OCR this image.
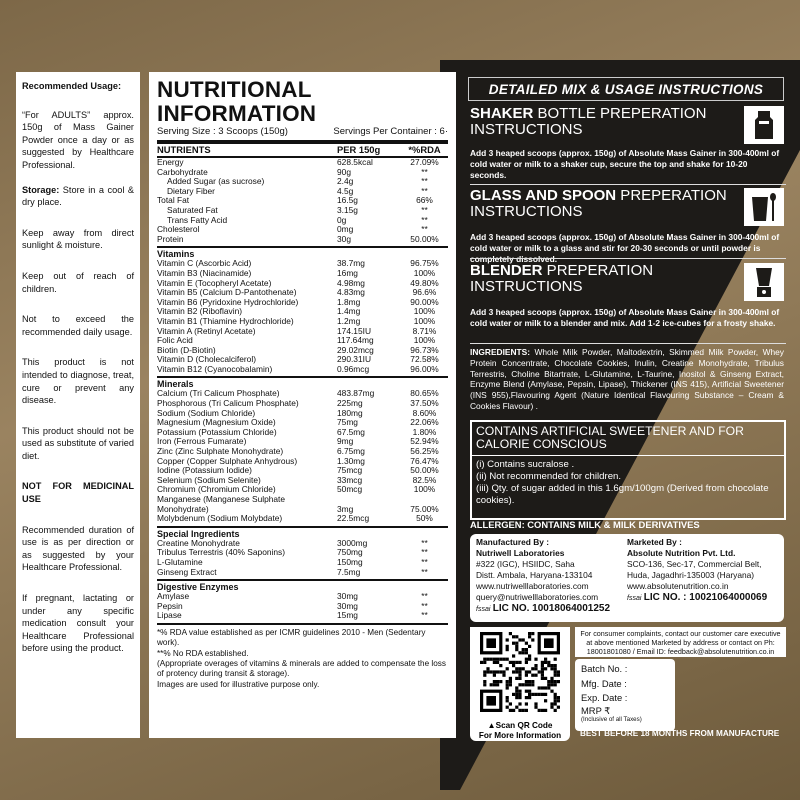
Recommended Usage:

“For ADULTS” approx. 150g of Mass Gainer Powder once a day or as suggested by Healthcare Professional.

Storage: Store in a cool & dry place.

Keep away from direct sunlight & moisture.

Keep out of reach of children.

Not to exceed the recommended daily usage.

This product is not intended to diagnose, treat, cure or prevent any disease.

This product should not be used as substitute of varied diet.

NOT FOR MEDICINAL USE

Recommended duration of use is as per direction or as suggested by your Healthcare Professional.

If pregnant, lactating or under any specific medication consult your Healthcare Professional before using the product.

NUTRITIONAL INFORMATION
Serving Size : 3 Scoops (150g)	Servings Per Container : 6·
NUTRIENTS	PER 150g	*%RDA
Energy	628.5kcal	27.09%
Carbohydrate	90g	**
Added Sugar (as sucrose)	2.4g	**
Dietary Fiber	4.5g	**
Total Fat	16.5g	66%
Saturated Fat	3.15g	**
Trans Fatty Acid	0g	**
Cholesterol	0mg	**
Protein	30g	50.00%
Vitamins
Vitamin C (Ascorbic Acid)	38.7mg	96.75%
Vitamin B3 (Niacinamide)	16mg	100%
Vitamin E (Tocopheryl Acetate)	4.98mg	49.80%
Vitamin B5 (Calcium D-Pantothenate)	4.83mg	96.6%
Vitamin B6 (Pyridoxine Hydrochloride)	1.8mg	90.00%
Vitamin B2 (Riboflavin)	1.4mg	100%
Vitamin B1 (Thiamine Hydrochloride)	1.2mg	100%
Vitamin A (Retinyl Acetate)	174.15IU	8.71%
Folic Acid	117.64mg	100%
Biotin (D-Biotin)	29.02mcg	96.73%
Vitamin D (Cholecalciferol)	290.31IU	72.58%
Vitamin B12 (Cyanocobalamin)	0.96mcg	96.00%
Minerals
Calcium (Tri Calicum Phosphate)	483.87mg	80.65%
Phosphorous (Tri Calicum Phosphate)	225mg	37.50%
Sodium (Sodium Chloride)	180mg	8.60%
Magnesium (Magnesium Oxide)	75mg	22.06%
Potassium (Potassium Chloride)	67.5mg	1.80%
Iron (Ferrous Fumarate)	9mg	52.94%
Zinc (Zinc Sulphate Monohydrate)	6.75mg	56.25%
Copper (Copper Sulphate Anhydrous)	1.30mg	76.47%
Iodine (Potassium Iodide)	75mcg	50.00%
Selenium (Sodium Selenite)	33mcg	82.5%
Chromium (Chromium Chloride)	50mcg	100%
Manganese (Manganese Sulphate
Monohydrate)	3mg	75.00%
Molybdenum (Sodium Molybdate)	22.5mcg	50%
Special Ingredients
Creatine Monohydrate	3000mg	**
Tribulus Terrestris (40% Saponins)	750mg	**
L-Glutamine	150mg	**
Ginseng Extract	7.5mg	**
Digestive Enzymes
Amylase	30mg	**
Pepsin	30mg	**
Lipase	15mg	**

*% RDA value established as per ICMR guidelines 2010 - Men (Sedentary work).

**% No RDA established.

(Appropriate overages of vitamins & minerals are added to compensate the loss of protency during transit & storage).

Images are used for illustrative purpose only.

DETAILED MIX & USAGE INSTRUCTIONS
SHAKER BOTTLE PREPERATION
INSTRUCTIONS
Add 3 heaped scoops (approx. 150g) of Absolute Mass Gainer in 300-400ml of cold water or milk to a shaker cup, secure the top and shake for 10-20 seconds.
GLASS AND SPOON PREPERATION
INSTRUCTIONS
Add 3 heaped scoops (approx. 150g) of Absolute Mass Gainer in 300-400ml of cold water or milk to a glass and stir for 20-30 seconds or until powder is completely dissolved.
BLENDER PREPERATION
INSTRUCTIONS
Add 3 heaped scoops (approx. 150g) of Absolute Mass Gainer in 300-400ml of cold water or milk to a blender and mix. Add 1-2 ice-cubes for a frosty shake.
INGREDIENTS: Whole Milk Powder, Maltodextrin, Skimmed Milk Powder, Whey Protein Concentrate, Chocolate Cookies, Inulin, Creatine Monohydrate, Tribulus Terrestris, Choline Bitartrate, L-Glutamine, L-Taurine, Inositol & Ginseng Extract, Enzyme Blend (Amylase, Pepsin, Lipase), Thickener (INS 415), Artificial Sweetener (INS 955),Flavouring Agent (Nature Identical Flavouring Substance – Cream & Cookies Flavour) .
CONTAINS ARTIFICIAL SWEETENER AND FOR CALORIE CONSCIOUS
(i) Contains sucralose .
(ii) Not recommended for children.
(iii) Qty. of sugar added in this 1.6gm/100gm (Derived from chocolate cookies).
ALLERGEN: CONTAINS MILK & MILK DERIVATIVES
Manufactured By :
Nutriwell Laboratories
#322 (IGC), HSIIDC, Saha
Distt. Ambala, Haryana-133104
www.nutriwelllaboratories.com
query@nutriwelllaboratories.com
fssai LIC NO. 10018064001252
Marketed By :
Absolute Nutrition Pvt. Ltd.
SCO-136, Sec-17, Commercial Belt,
Huda, Jagadhri-135003 (Haryana)
www.absolutenutrition.co.in
fssai LIC NO. : 10021064000069
▲Scan QR Code
For More Information
For consumer complaints, contact our customer care executive at above mentioned Marketed by address or contact on Ph: 18001801080 / Email ID: feedback@absolutenutrition.co.in
Batch No. :
Mfg. Date :
Exp. Date :
MRP ₹
(Inclusive of all Taxes)
BEST BEFORE 18 MONTHS FROM MANUFACTURE
